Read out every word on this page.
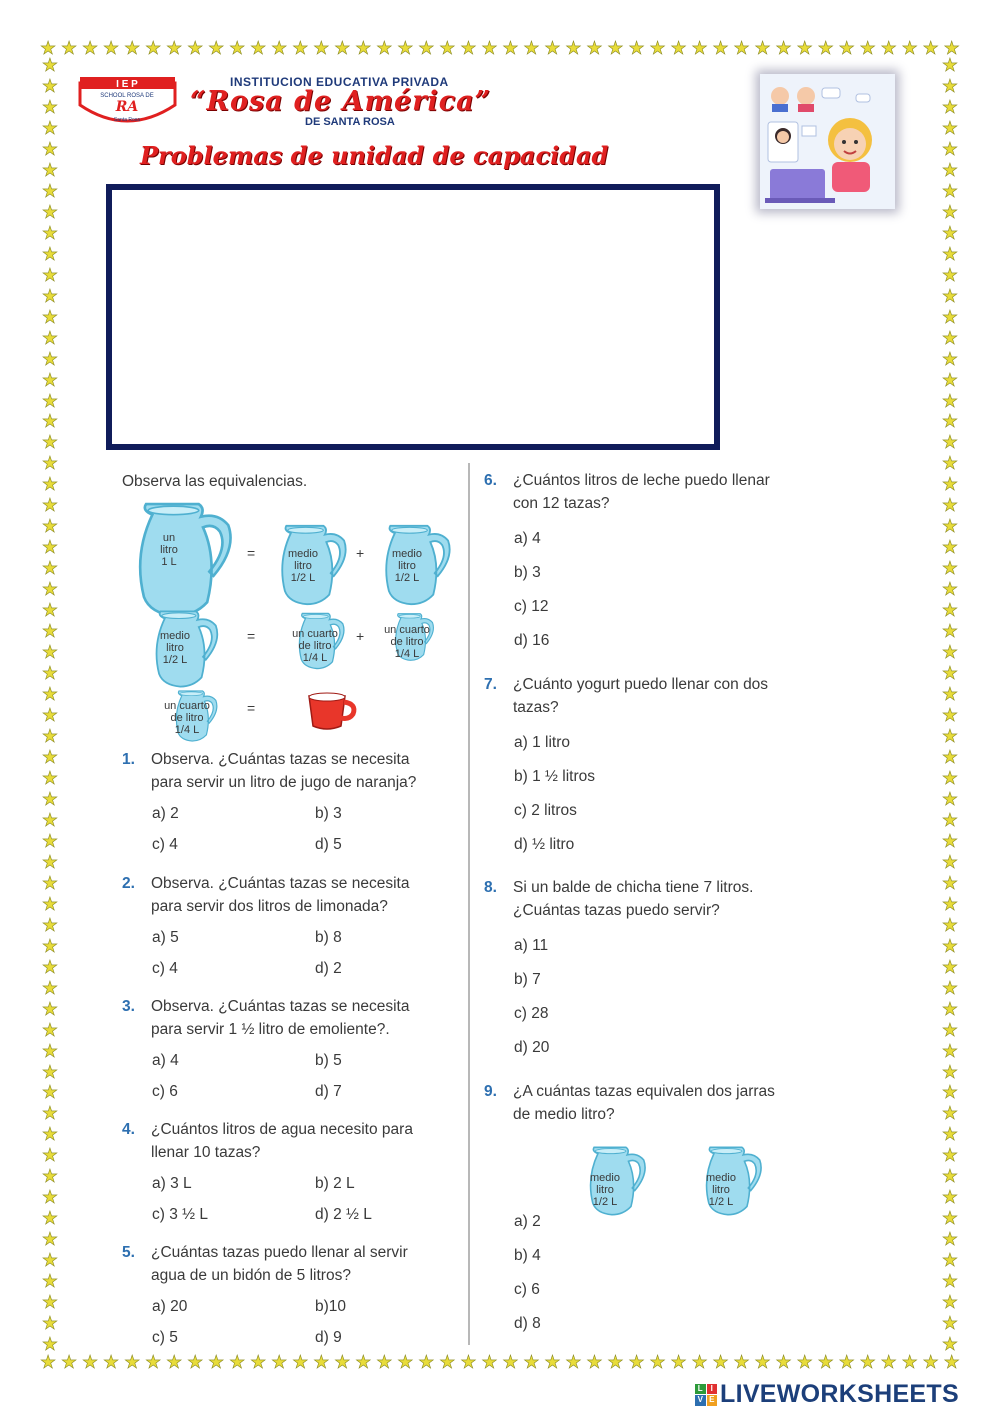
★ ★ ★ ★ ★ ★ ★ ★ ★ ★ ★ ★ ★ ★ ★ ★ ★ ★ ★ ★ ★ ★ ★ ★ ★ ★ ★ ★ ★ ★ ★ ★ ★ ★ ★ ★ ★ ★ ★ ★ ★ ★ ★ ★
★ ★ ★ ★ ★ ★ ★ ★ ★ ★ ★ ★ ★ ★ ★ ★ ★ ★ ★ ★ ★ ★ ★ ★ ★ ★ ★ ★ ★ ★ ★ ★ ★ ★ ★ ★ ★ ★ ★ ★ ★ ★ ★ ★
★
★
★
★
★
★
★
★
★
★
★
★
★
★
★
★
★
★
★
★
★
★
★
★
★
★
★
★
★
★
★
★
★
★
★
★
★
★
★
★
★
★
★
★
★
★
★
★
★
★
★
★
★
★
★
★
★
★
★
★
★
★
★
★
★
★
★
★
★
★
★
★
★
★
★
★
★
★
★
★
★
★
★
★
★
★
★
★
★
★
★
★
★
★
★
★
★
★
★
★
★
★
★
★
★
★
★
★
★
★
★
★
★
★
★
★
★
★
★
★
★
★
★
★
I E P
SCHOOL ROSA DE
RA
Santa Rosa
INSTITUCION EDUCATIVA PRIVADA
“Rosa de América”
DE SANTA ROSA
Problemas de unidad de capacidad
Observa las equivalencias.
un
litro
1 L
=	medio
litro
1/2 L
+	medio
litro
1/2 L
medio
litro
1/2 L
=	un cuarto
de litro
1/4 L
+	un cuarto
de litro
1/4 L
un cuarto
de litro
1/4 L
=
1. Observa. ¿Cuántas tazas se necesita
para servir un litro de jugo de naranja?
a) 2	b) 3
c) 4	d) 5
2. Observa. ¿Cuántas tazas se necesita
para servir dos litros de limonada?
a) 5	b) 8
c) 4	d) 2
3. Observa. ¿Cuántas tazas se necesita
para servir 1 ½ litro de emoliente?.
a) 4	b) 5
c) 6	d) 7
4. ¿Cuántos litros de agua necesito para
llenar 10 tazas?
a) 3 L	b) 2 L
c) 3 ½ L	d) 2 ½ L
5. ¿Cuántas tazas puedo llenar al servir
agua de un bidón de 5 litros?
a) 20	b)10
c) 5	d) 9
6. ¿Cuántos litros de leche puedo llenar
con 12 tazas?
a) 4
b) 3
c) 12
d) 16
7. ¿Cuánto yogurt puedo llenar con dos
tazas?
a) 1 litro
b) 1 ½ litros
c) 2 litros
d) ½ litro
8. Si un balde de chicha tiene 7 litros.
¿Cuántas tazas puedo servir?
a) 11
b) 7
c) 28
d) 20
9. ¿A cuántas tazas equivalen dos jarras
de medio litro?
a) 2
b) 4
c) 6
d) 8
medio
litro
1/2 L
medio
litro
1/2 L
L I
V E LIVEWORKSHEETS
